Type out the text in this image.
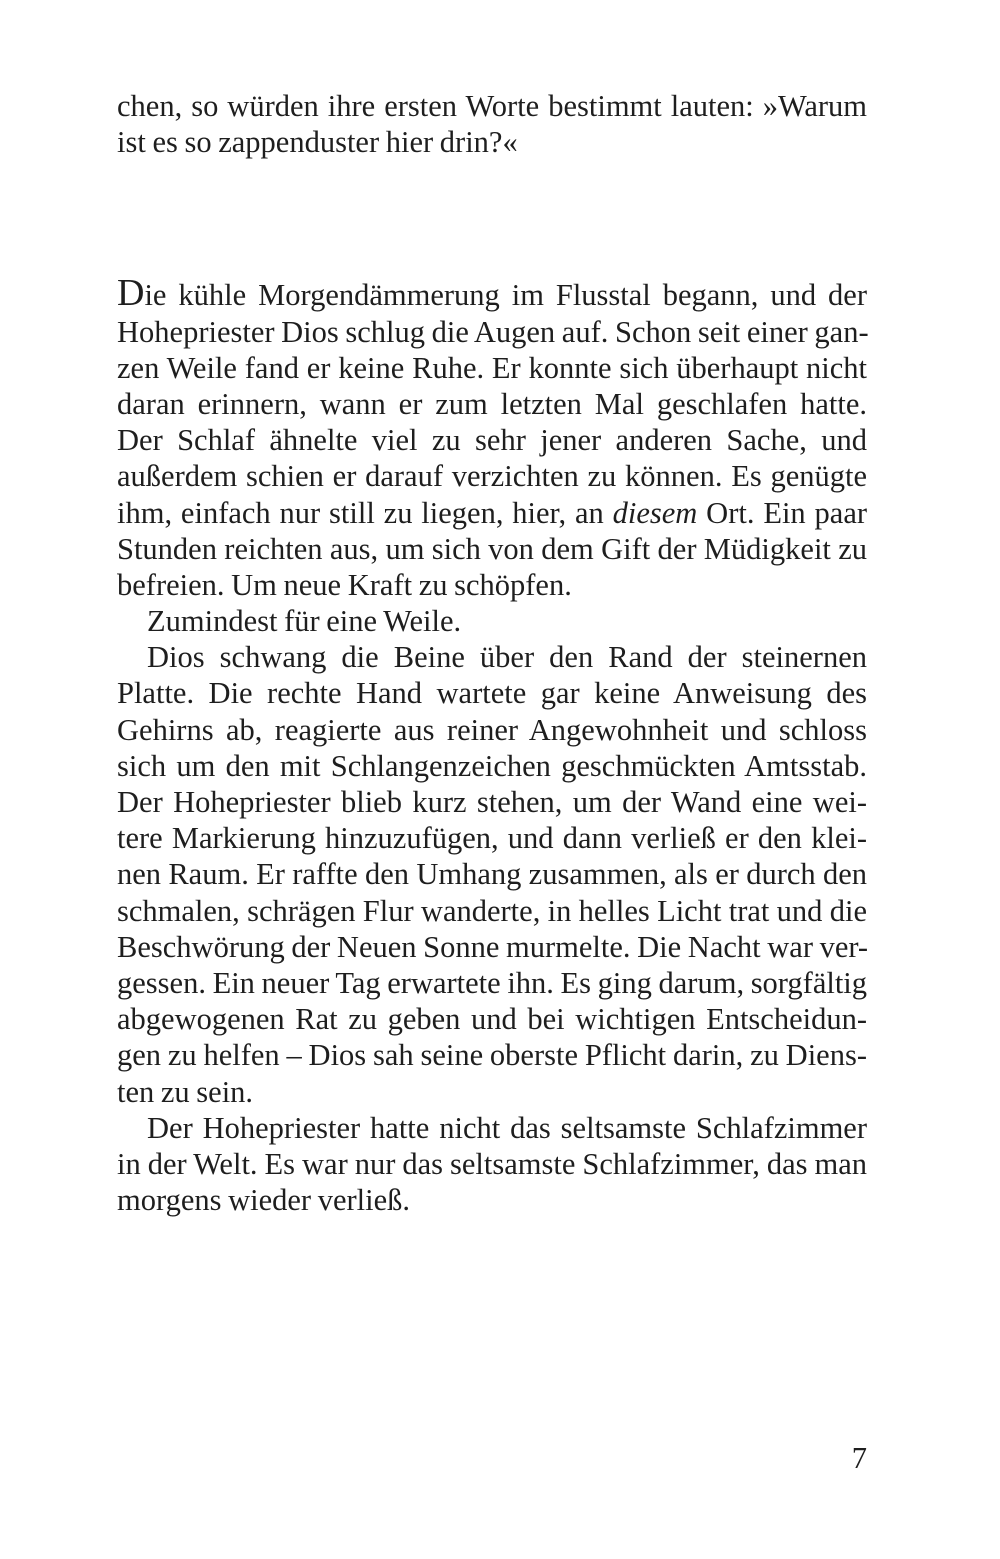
chen, so würden ihre ersten Worte bestimmt lauten: »Warum
ist es so zappenduster hier drin?«
Die kühle Morgendämmerung im Flusstal begann, und der
Hohepriester Dios schlug die Augen auf. Schon seit einer gan-
zen Weile fand er keine Ruhe. Er konnte sich überhaupt nicht
daran erinnern, wann er zum letzten Mal geschlafen hatte.
Der Schlaf ähnelte viel zu sehr jener anderen Sache, und
außerdem schien er darauf verzichten zu können. Es genügte
ihm, einfach nur still zu liegen, hier, an diesem Ort. Ein paar
Stunden reichten aus, um sich von dem Gift der Müdigkeit zu
befreien. Um neue Kraft zu schöpfen.
Zumindest für eine Weile.
Dios schwang die Beine über den Rand der steinernen
Platte. Die rechte Hand wartete gar keine Anweisung des
Gehirns ab, reagierte aus reiner Angewohnheit und schloss
sich um den mit Schlangenzeichen geschmückten Amtsstab.
Der Hohepriester blieb kurz stehen, um der Wand eine wei-
tere Markierung hinzuzufügen, und dann verließ er den klei-
nen Raum. Er raffte den Umhang zusammen, als er durch den
schmalen, schrägen Flur wanderte, in helles Licht trat und die
Beschwörung der Neuen Sonne murmelte. Die Nacht war ver-
gessen. Ein neuer Tag erwartete ihn. Es ging darum, sorgfältig
abgewogenen Rat zu geben und bei wichtigen Entscheidun-
gen zu helfen – Dios sah seine oberste Pflicht darin, zu Diens-
ten zu sein.
Der Hohepriester hatte nicht das seltsamste Schlafzimmer
in der Welt. Es war nur das seltsamste Schlafzimmer, das man
morgens wieder verließ.
7
